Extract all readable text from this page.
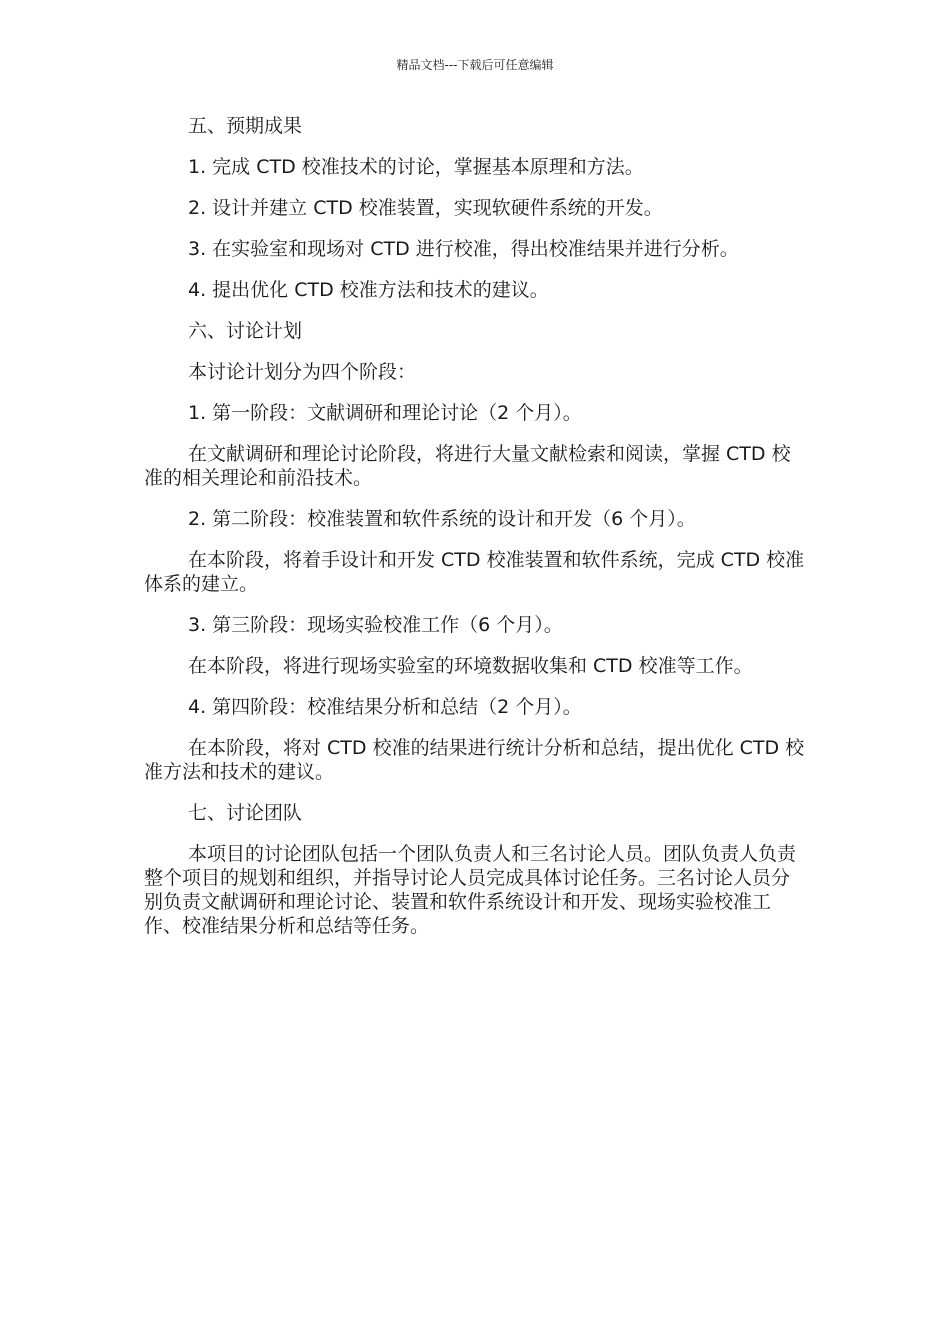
精品文档---下载后可任意编辑

五、预期成果

1. 完成 CTD 校准技术的讨论，掌握基本原理和方法。

2. 设计并建立 CTD 校准装置，实现软硬件系统的开发。

3. 在实验室和现场对 CTD 进行校准，得出校准结果并进行分析。

4. 提出优化 CTD 校准方法和技术的建议。

六、讨论计划

本讨论计划分为四个阶段：

1. 第一阶段：文献调研和理论讨论（2 个月）。

在文献调研和理论讨论阶段，将进行大量文献检索和阅读，掌握 CTD 校准的相关理论和前沿技术。

2. 第二阶段：校准装置和软件系统的设计和开发（6 个月）。

在本阶段，将着手设计和开发 CTD 校准装置和软件系统，完成 CTD 校准体系的建立。

3. 第三阶段：现场实验校准工作（6 个月）。

在本阶段，将进行现场实验室的环境数据收集和 CTD 校准等工作。

4. 第四阶段：校准结果分析和总结（2 个月）。

在本阶段，将对 CTD 校准的结果进行统计分析和总结，提出优化 CTD 校准方法和技术的建议。

七、讨论团队

本项目的讨论团队包括一个团队负责人和三名讨论人员。团队负责人负责整个项目的规划和组织，并指导讨论人员完成具体讨论任务。三名讨论人员分别负责文献调研和理论讨论、装置和软件系统设计和开发、现场实验校准工作、校准结果分析和总结等任务。
